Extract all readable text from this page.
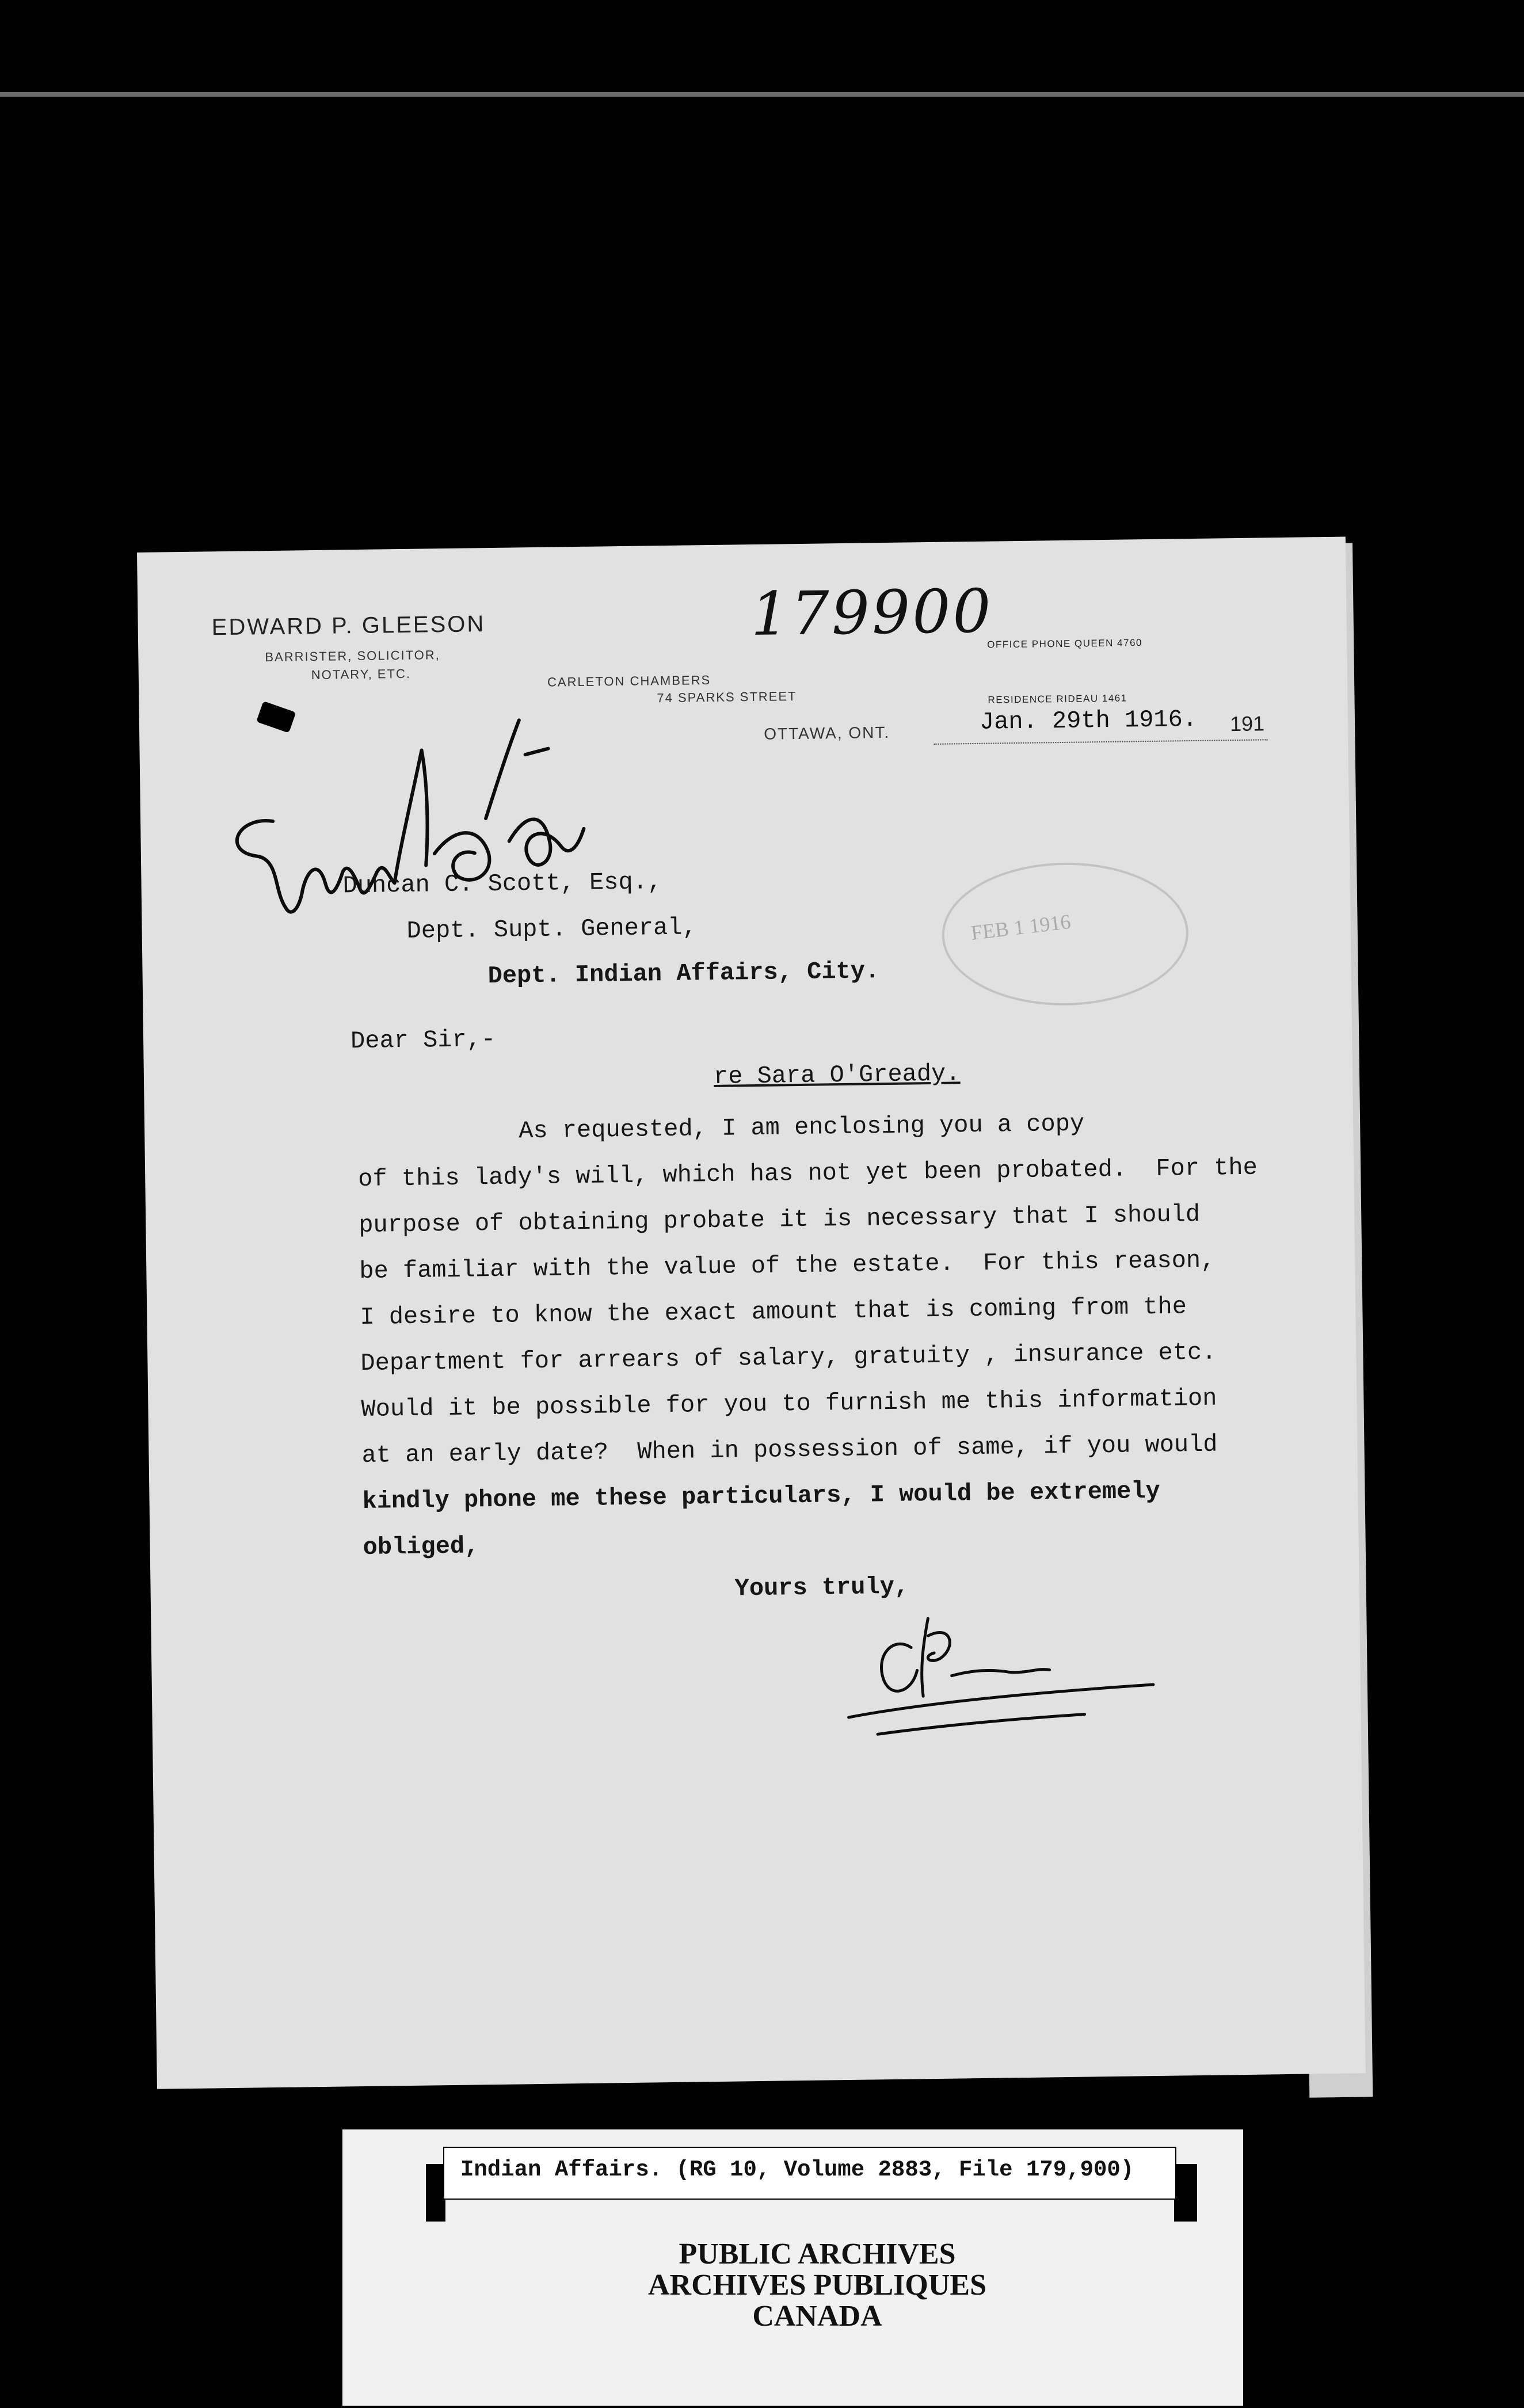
EDWARD P. GLEESON
BARRISTER, SOLICITOR,
NOTARY, ETC.	CARLETON CHAMBERS
74 SPARKS STREET
OTTAWA, ONT.

OFFICE PHONE QUEEN 4760

RESIDENCE RIDEAU 1461

179900
Jan. 29th 1916. 191
Immediate
FEB 1 1916
Duncan C. Scott, Esq.,
Dept. Supt. General,
Dept. Indian Affairs, City.
Dear Sir,-
re Sara O'Gready.
As requested, I am enclosing you a copy
of this lady's will, which has not yet been probated.  For the
purpose of obtaining probate it is necessary that I should
be familiar with the value of the estate.  For this reason,
I desire to know the exact amount that is coming from the
Department for arrears of salary, gratuity , insurance etc.
Would it be possible for you to furnish me this information
at an early date?  When in possession of same, if you would
kindly phone me these particulars, I would be extremely
obliged,
Yours truly,
Indian Affairs. (RG 10, Volume 2883, File 179,900)
PUBLIC ARCHIVES
ARCHIVES PUBLIQUES
CANADA
